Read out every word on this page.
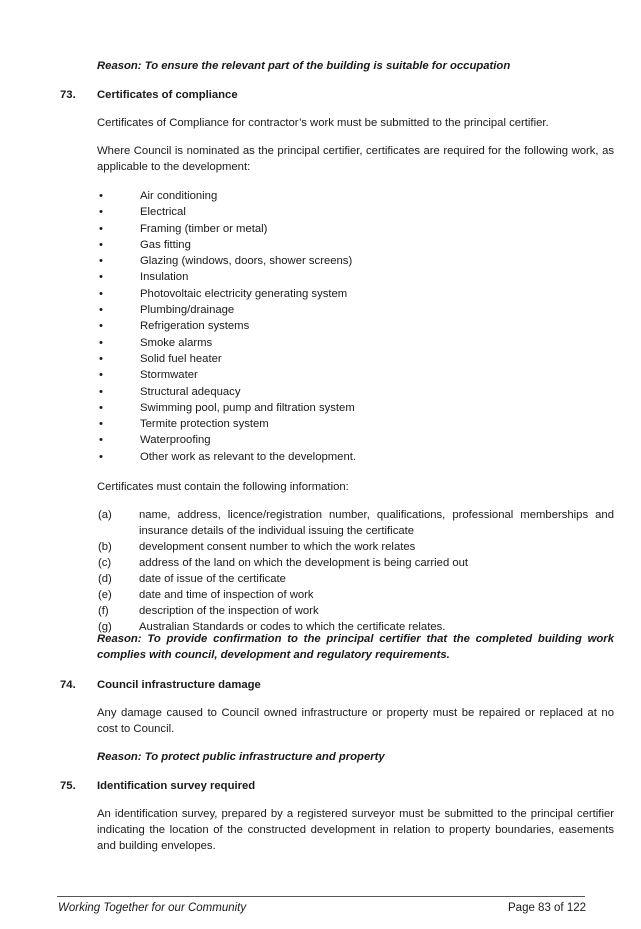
Reason: To ensure the relevant part of the building is suitable for occupation
73. Certificates of compliance
Certificates of Compliance for contractor’s work must be submitted to the principal certifier.
Where Council is nominated as the principal certifier, certificates are required for the following work, as applicable to the development:
•	Air conditioning
•	Electrical
•	Framing (timber or metal)
•	Gas fitting
•	Glazing (windows, doors, shower screens)
•	Insulation
•	Photovoltaic electricity generating system
•	Plumbing/drainage
•	Refrigeration systems
•	Smoke alarms
•	Solid fuel heater
•	Stormwater
•	Structural adequacy
•	Swimming pool, pump and filtration system
•	Termite protection system
•	Waterproofing
•	Other work as relevant to the development.
Certificates must contain the following information:
(a) name, address, licence/registration number, qualifications, professional memberships and insurance details of the individual issuing the certificate
(b) development consent number to which the work relates
(c) address of the land on which the development is being carried out
(d) date of issue of the certificate
(e) date and time of inspection of work
(f)	description of the inspection of work
(g) Australian Standards or codes to which the certificate relates.
Reason: To provide confirmation to the principal certifier that the completed building work complies with council, development and regulatory requirements.
74. Council infrastructure damage
Any damage caused to Council owned infrastructure or property must be repaired or replaced at no cost to Council.
Reason: To protect public infrastructure and property
75. Identification survey required
An identification survey, prepared by a registered surveyor must be submitted to the principal certifier indicating the location of the constructed development in relation to property boundaries, easements and building envelopes.
Working Together for our Community	Page 83 of 122
